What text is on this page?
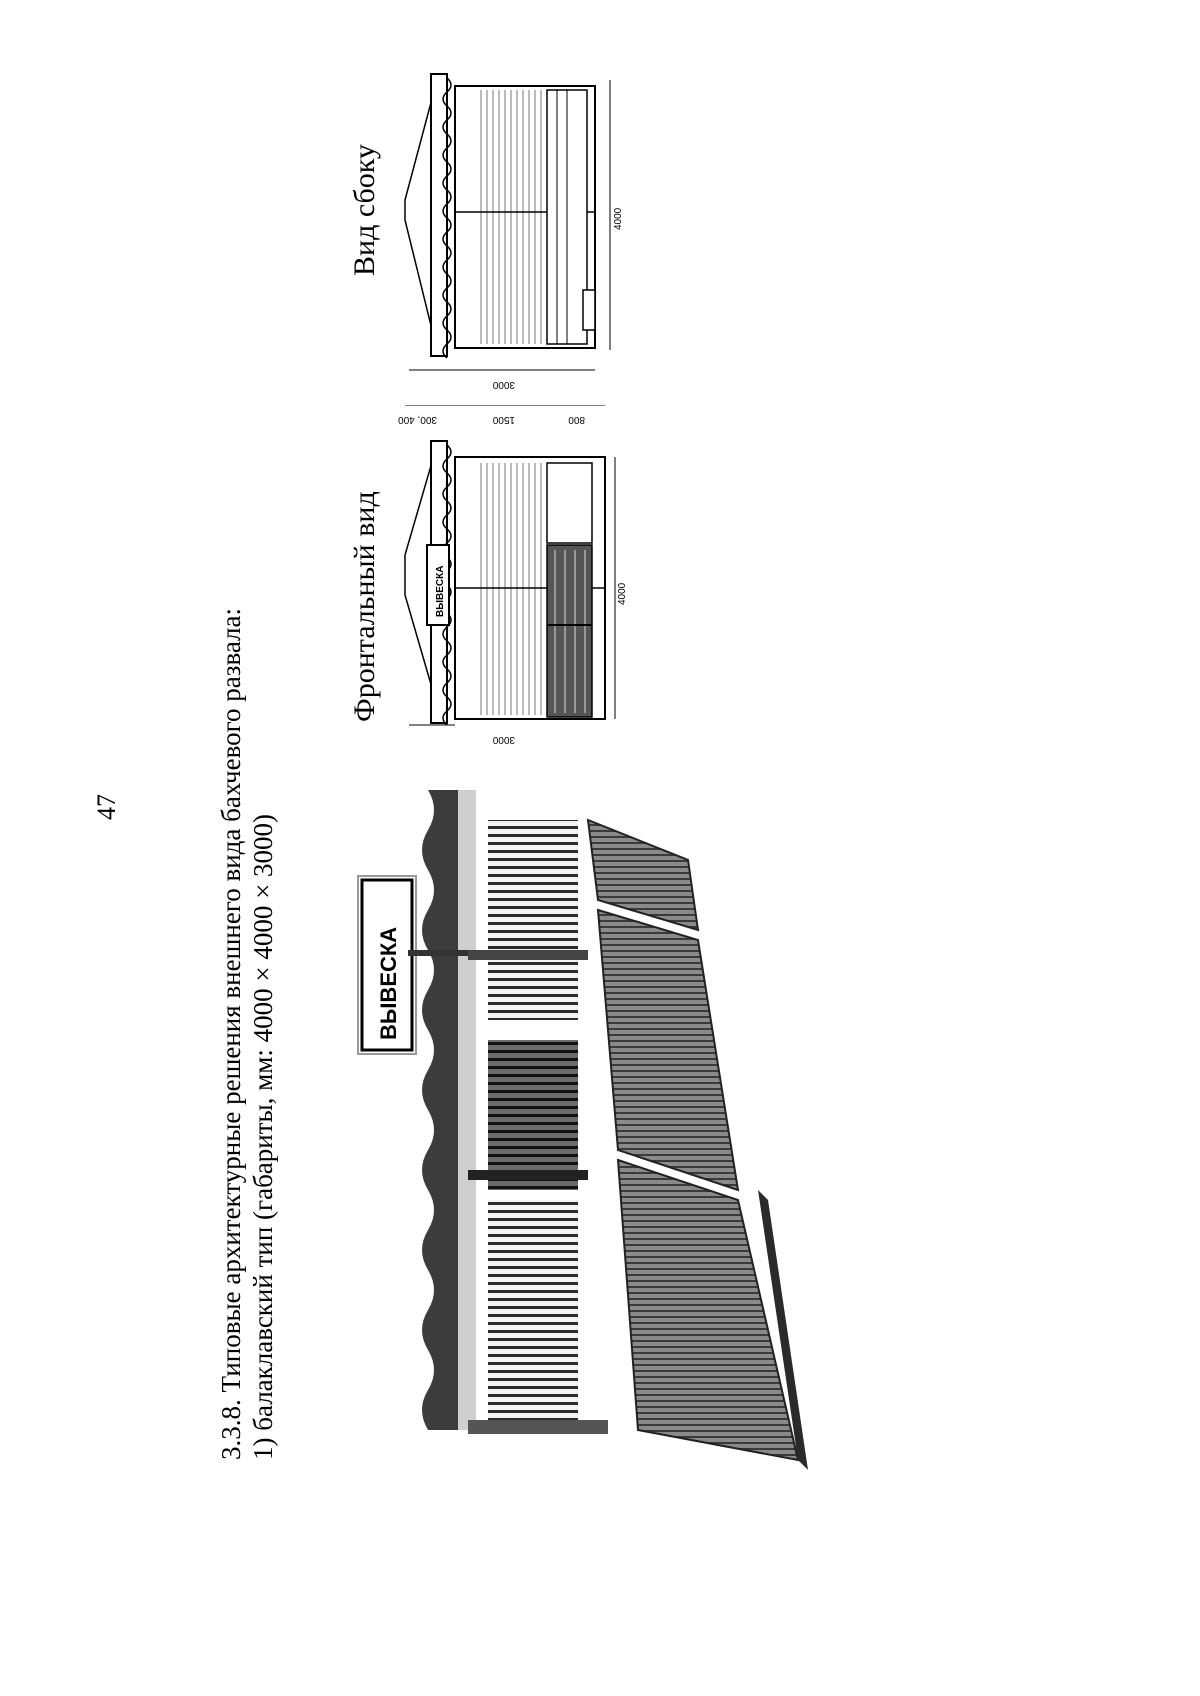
47	3.3.8. Типовые архитектурные решения внешнего вида бахчевого развала: 1) балаклавский тип (габариты, мм: 4000 × 4000 × 3000)
Фронтальный вид
Вид сбоку
ВЫВЕСКА
ВЫВЕСКА
3000
4000
300, 400	1500	800
3000
4000
